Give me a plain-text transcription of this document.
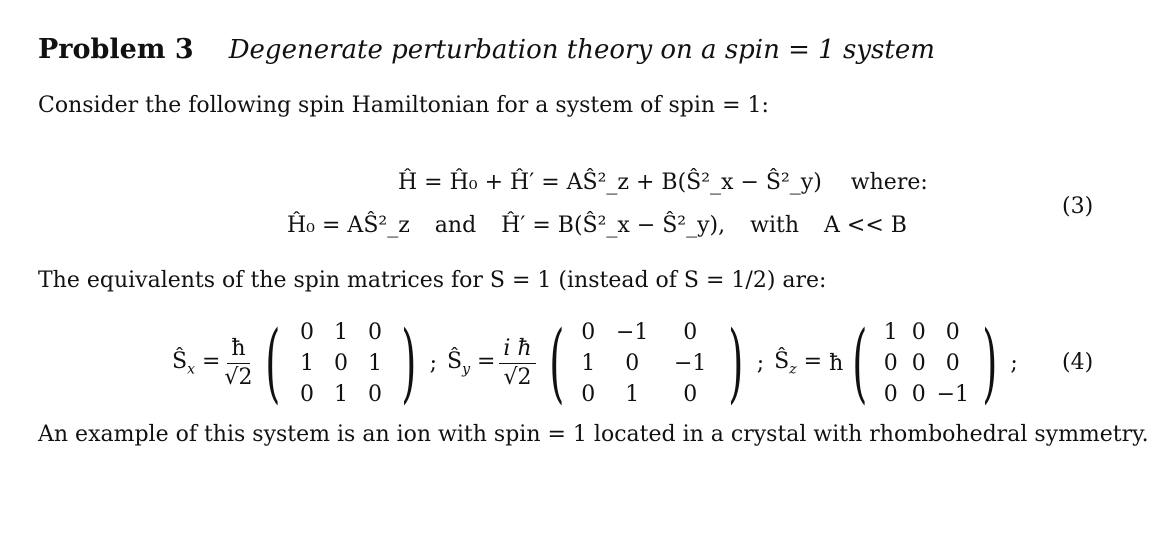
Problem 3 Degenerate perturbation theory on a spin = 1 system
Consider the following spin Hamiltonian for a system of spin = 1:
Ĥ = Ĥ₀ + Ĥ′ = AŜ²_z + B(Ŝ²_x − Ŝ²_y) where:
Ĥ₀ = AŜ²_z and Ĥ′ = B(Ŝ²_x − Ŝ²_y), with A << B
(3)
The equivalents of the spin matrices for S = 1 (instead of S = 1/2) are:
$Ŝ_x = \frac{ħ}{√2}$ ( 0 1 0
1 0 1
0 1 0 ) ; $Ŝ_y = \frac{\text{i ħ}}{√2}$ ( 0 −1	0
1	0	−1
0	1	0 ) ; $Ŝ_z$ = ħ ( 1 0 0
0 0 0
0 0 −1 ) ; (4)
An example of this system is an ion with spin = 1 located in a crystal with rhombohedral symmetry.
